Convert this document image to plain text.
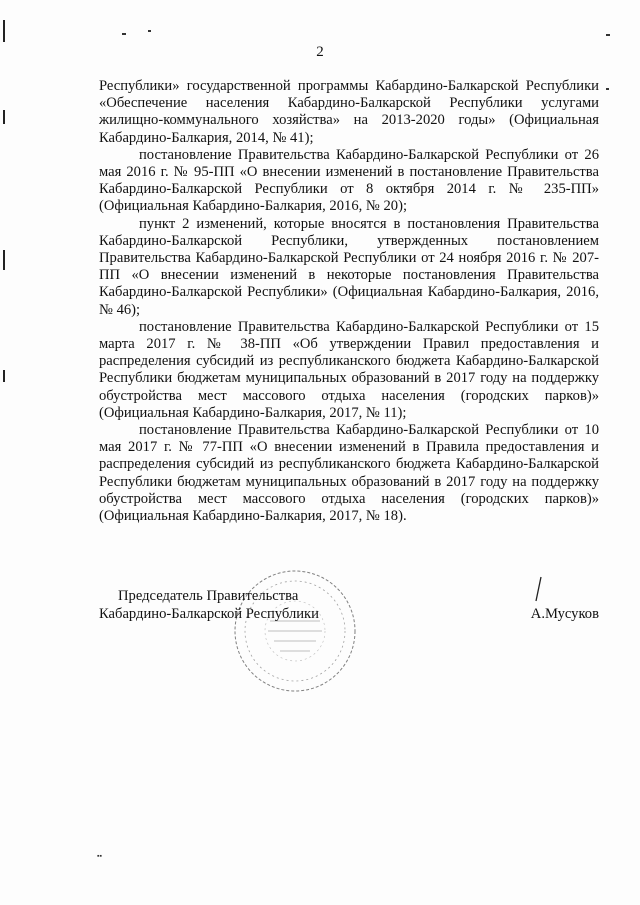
2

Республики» государственной программы Кабардино-Балкарской Республики «Обеспечение населения Кабардино-Балкарской Республики услугами жилищно-коммунального хозяйства» на 2013-2020 годы» (Официальная Кабардино-Балкария, 2014, № 41);

постановление Правительства Кабардино-Балкарской Республики от 26 мая 2016 г. № 95-ПП «О внесении изменений в постановление Правительства Кабардино-Балкарской Республики от 8 октября 2014 г. № 235-ПП» (Официальная Кабардино-Балкария, 2016, № 20);

пункт 2 изменений, которые вносятся в постановления Правительства Кабардино-Балкарской Республики, утвержденных постановлением Правительства Кабардино-Балкарской Республики от 24 ноября 2016 г. № 207-ПП «О внесении изменений в некоторые постановления Правительства Кабардино-Балкарской Республики» (Официальная Кабардино-Балкария, 2016, № 46);

постановление Правительства Кабардино-Балкарской Республики от 15 марта 2017 г. № 38-ПП «Об утверждении Правил предоставления и распределения субсидий из республиканского бюджета Кабардино-Балкарской Республики бюджетам муниципальных образований в 2017 году на поддержку обустройства мест массового отдыха населения (городских парков)» (Официальная Кабардино-Балкария, 2017, № 11);

постановление Правительства Кабардино-Балкарской Республики от 10 мая 2017 г. № 77-ПП «О внесении изменений в Правила предоставления и распределения субсидий из республиканского бюджета Кабардино-Балкарской Республики бюджетам муниципальных образований в 2017 году на поддержку обустройства мест массового отдыха населения (городских парков)» (Официальная Кабардино-Балкария, 2017, № 18).

Председатель Правительства
Кабардино-Балкарской Республики	А.Мусуков
▪▪
